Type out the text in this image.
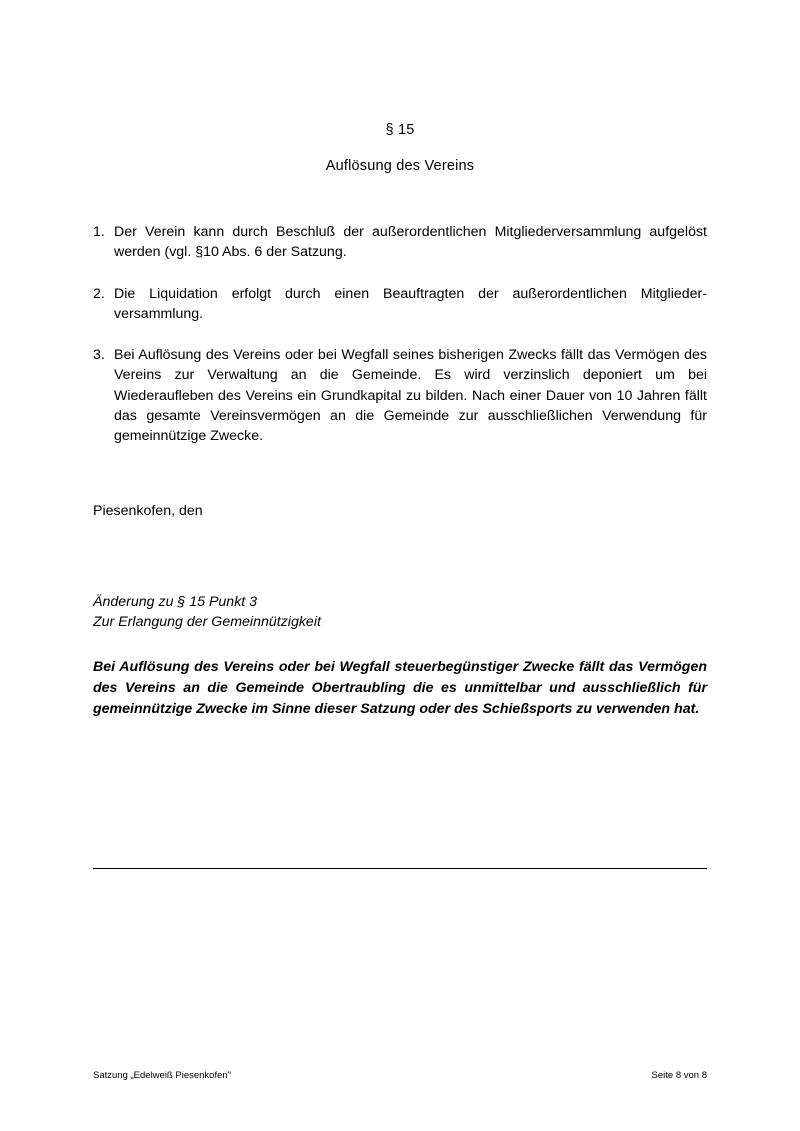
§ 15
Auflösung des Vereins
1. Der Verein kann durch Beschluß der außerordentlichen Mitgliederversammlung aufgelöst werden (vgl. §10 Abs. 6 der Satzung.
2. Die Liquidation erfolgt durch einen Beauftragten der außerordentlichen Mitglieder-versammlung.
3. Bei Auflösung des Vereins oder bei Wegfall seines bisherigen Zwecks fällt das Vermögen des Vereins zur Verwaltung an die Gemeinde. Es wird verzinslich deponiert um bei Wiederaufleben des Vereins ein Grundkapital zu bilden. Nach einer Dauer von 10 Jahren fällt das gesamte Vereinsvermögen an die Gemeinde zur ausschließlichen Verwendung für gemeinnützige Zwecke.
Piesenkofen, den
Änderung zu § 15 Punkt 3
Zur Erlangung der Gemeinnützigkeit
Bei Auflösung des Vereins oder bei Wegfall steuerbegünstiger Zwecke fällt das Vermögen des Vereins an die Gemeinde Obertraubling die es unmittelbar und ausschließlich für gemeinnützige Zwecke im Sinne dieser Satzung oder des Schießsports zu verwenden hat.
Satzung „Edelweiß Piesenkofen"	Seite 8 von 8
